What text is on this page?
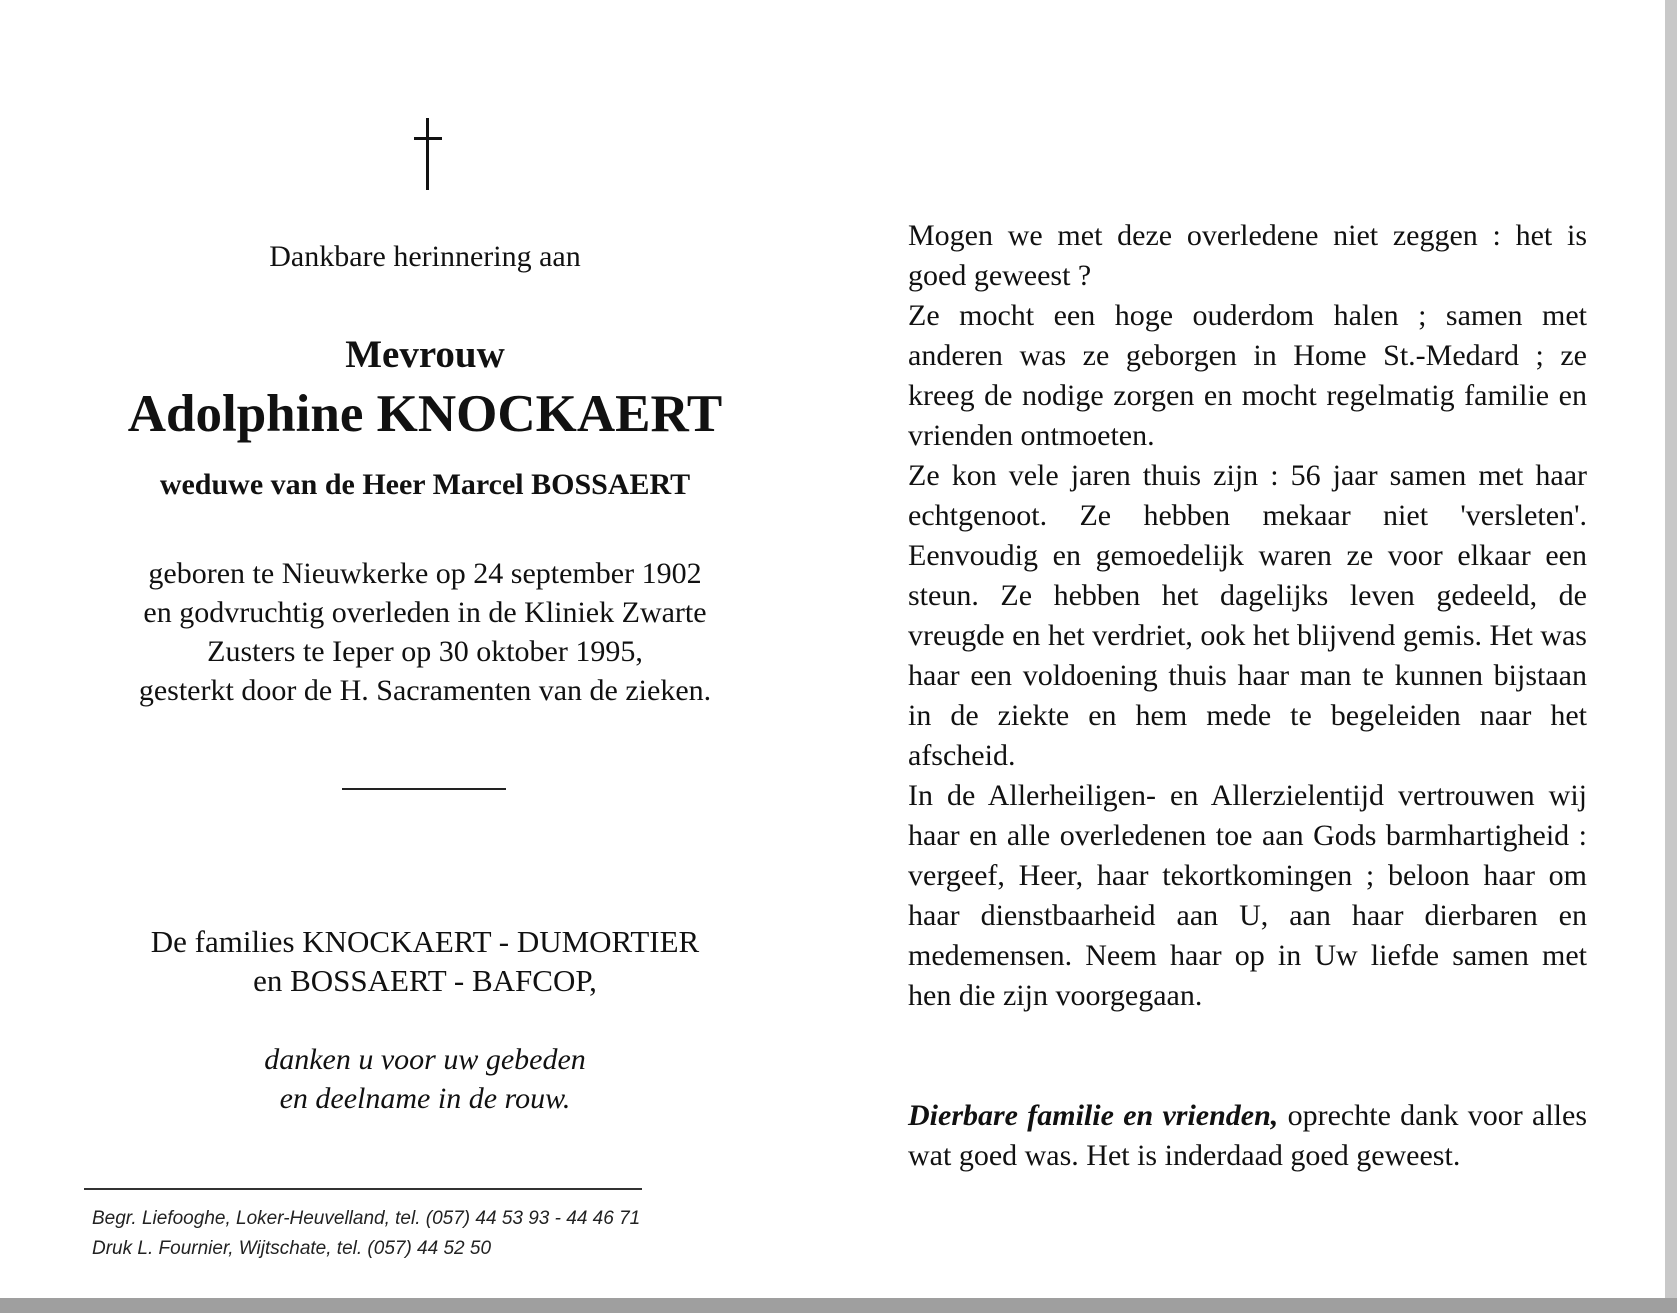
Dankbare herinnering aan
Mevrouw
Adolphine KNOCKAERT
weduwe van de Heer Marcel BOSSAERT
geboren te Nieuwkerke op 24 september 1902
en godvruchtig overleden in de Kliniek Zwarte
Zusters te Ieper op 30 oktober 1995,
gesterkt door de H. Sacramenten van de zieken.
De families KNOCKAERT - DUMORTIER
en BOSSAERT - BAFCOP,
danken u voor uw gebeden
en deelname in de rouw.
Begr. Liefooghe, Loker-Heuvelland, tel. (057) 44 53 93 - 44 46 71
Druk L. Fournier, Wijtschate, tel. (057) 44 52 50

Mogen we met deze overledene niet zeggen : het is goed geweest ?

Ze mocht een hoge ouderdom halen ; samen met anderen was ze geborgen in Home St.-Medard ; ze kreeg de nodige zorgen en mocht regelmatig familie en vrienden ontmoeten.

Ze kon vele jaren thuis zijn : 56 jaar samen met haar echtgenoot. Ze hebben mekaar niet 'versleten'. Eenvoudig en gemoedelijk waren ze voor elkaar een steun. Ze hebben het dagelijks leven gedeeld, de vreugde en het verdriet, ook het blijvend gemis. Het was haar een voldoening thuis haar man te kunnen bijstaan in de ziekte en hem mede te begeleiden naar het afscheid.

In de Allerheiligen- en Allerzielentijd vertrouwen wij haar en alle overledenen toe aan Gods barmhartigheid : vergeef, Heer, haar tekortkomingen ; beloon haar om haar dienstbaarheid aan U, aan haar dierbaren en medemensen. Neem haar op in Uw liefde samen met hen die zijn voorgegaan.

Dierbare familie en vrienden, oprechte dank voor alles wat goed was. Het is inderdaad goed geweest.
